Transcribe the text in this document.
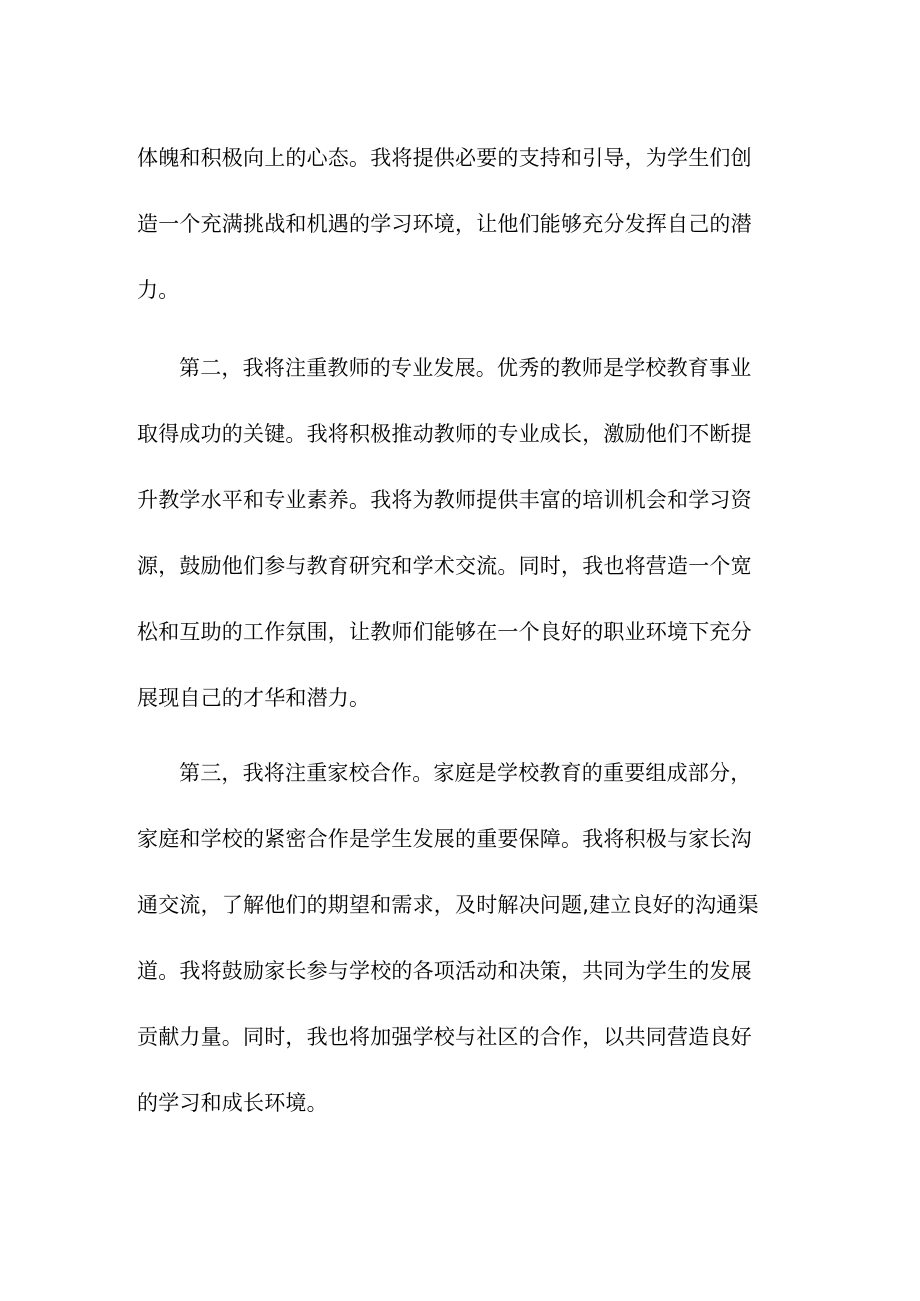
体魄和积极向上的心态。我将提供必要的支持和引导，为学生们创
造一个充满挑战和机遇的学习环境，让他们能够充分发挥自己的潜
力。
第二，我将注重教师的专业发展。优秀的教师是学校教育事业
取得成功的关键。我将积极推动教师的专业成长，激励他们不断提
升教学水平和专业素养。我将为教师提供丰富的培训机会和学习资
源，鼓励他们参与教育研究和学术交流。同时，我也将营造一个宽
松和互助的工作氛围，让教师们能够在一个良好的职业环境下充分
展现自己的才华和潜力。
第三，我将注重家校合作。家庭是学校教育的重要组成部分，
家庭和学校的紧密合作是学生发展的重要保障。我将积极与家长沟
通交流，了解他们的期望和需求，及时解决问题,建立良好的沟通渠
道。我将鼓励家长参与学校的各项活动和决策，共同为学生的发展
贡献力量。同时，我也将加强学校与社区的合作，以共同营造良好
的学习和成长环境。
